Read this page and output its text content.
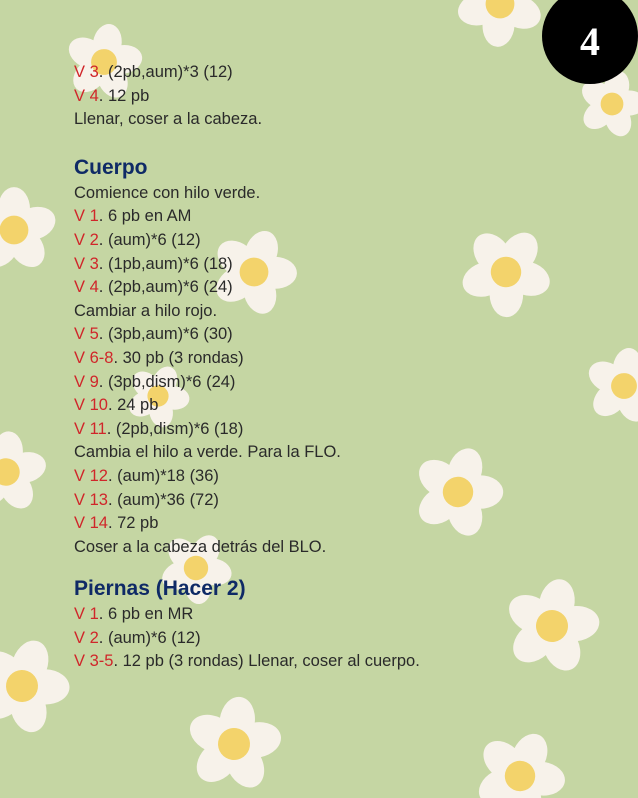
4
V 3. (2pb,aum)*3 (12)
V 4. 12 pb
Llenar, coser a la cabeza.
Cuerpo
Comience con hilo verde.
V 1. 6 pb en AM
V 2. (aum)*6 (12)
V 3. (1pb,aum)*6 (18)
V 4. (2pb,aum)*6 (24)
Cambiar a hilo rojo.
V 5. (3pb,aum)*6 (30)
V 6-8. 30 pb (3 rondas)
V 9. (3pb,dism)*6 (24)
V 10. 24 pb
V 11. (2pb,dism)*6 (18)
Cambia el hilo a verde. Para la FLO.
V 12. (aum)*18 (36)
V 13. (aum)*36 (72)
V 14. 72 pb
Coser a la cabeza detrás del BLO.
Piernas (Hacer 2)
V 1. 6 pb en MR
V 2. (aum)*6 (12)
V 3-5. 12 pb (3 rondas) Llenar, coser al cuerpo.
